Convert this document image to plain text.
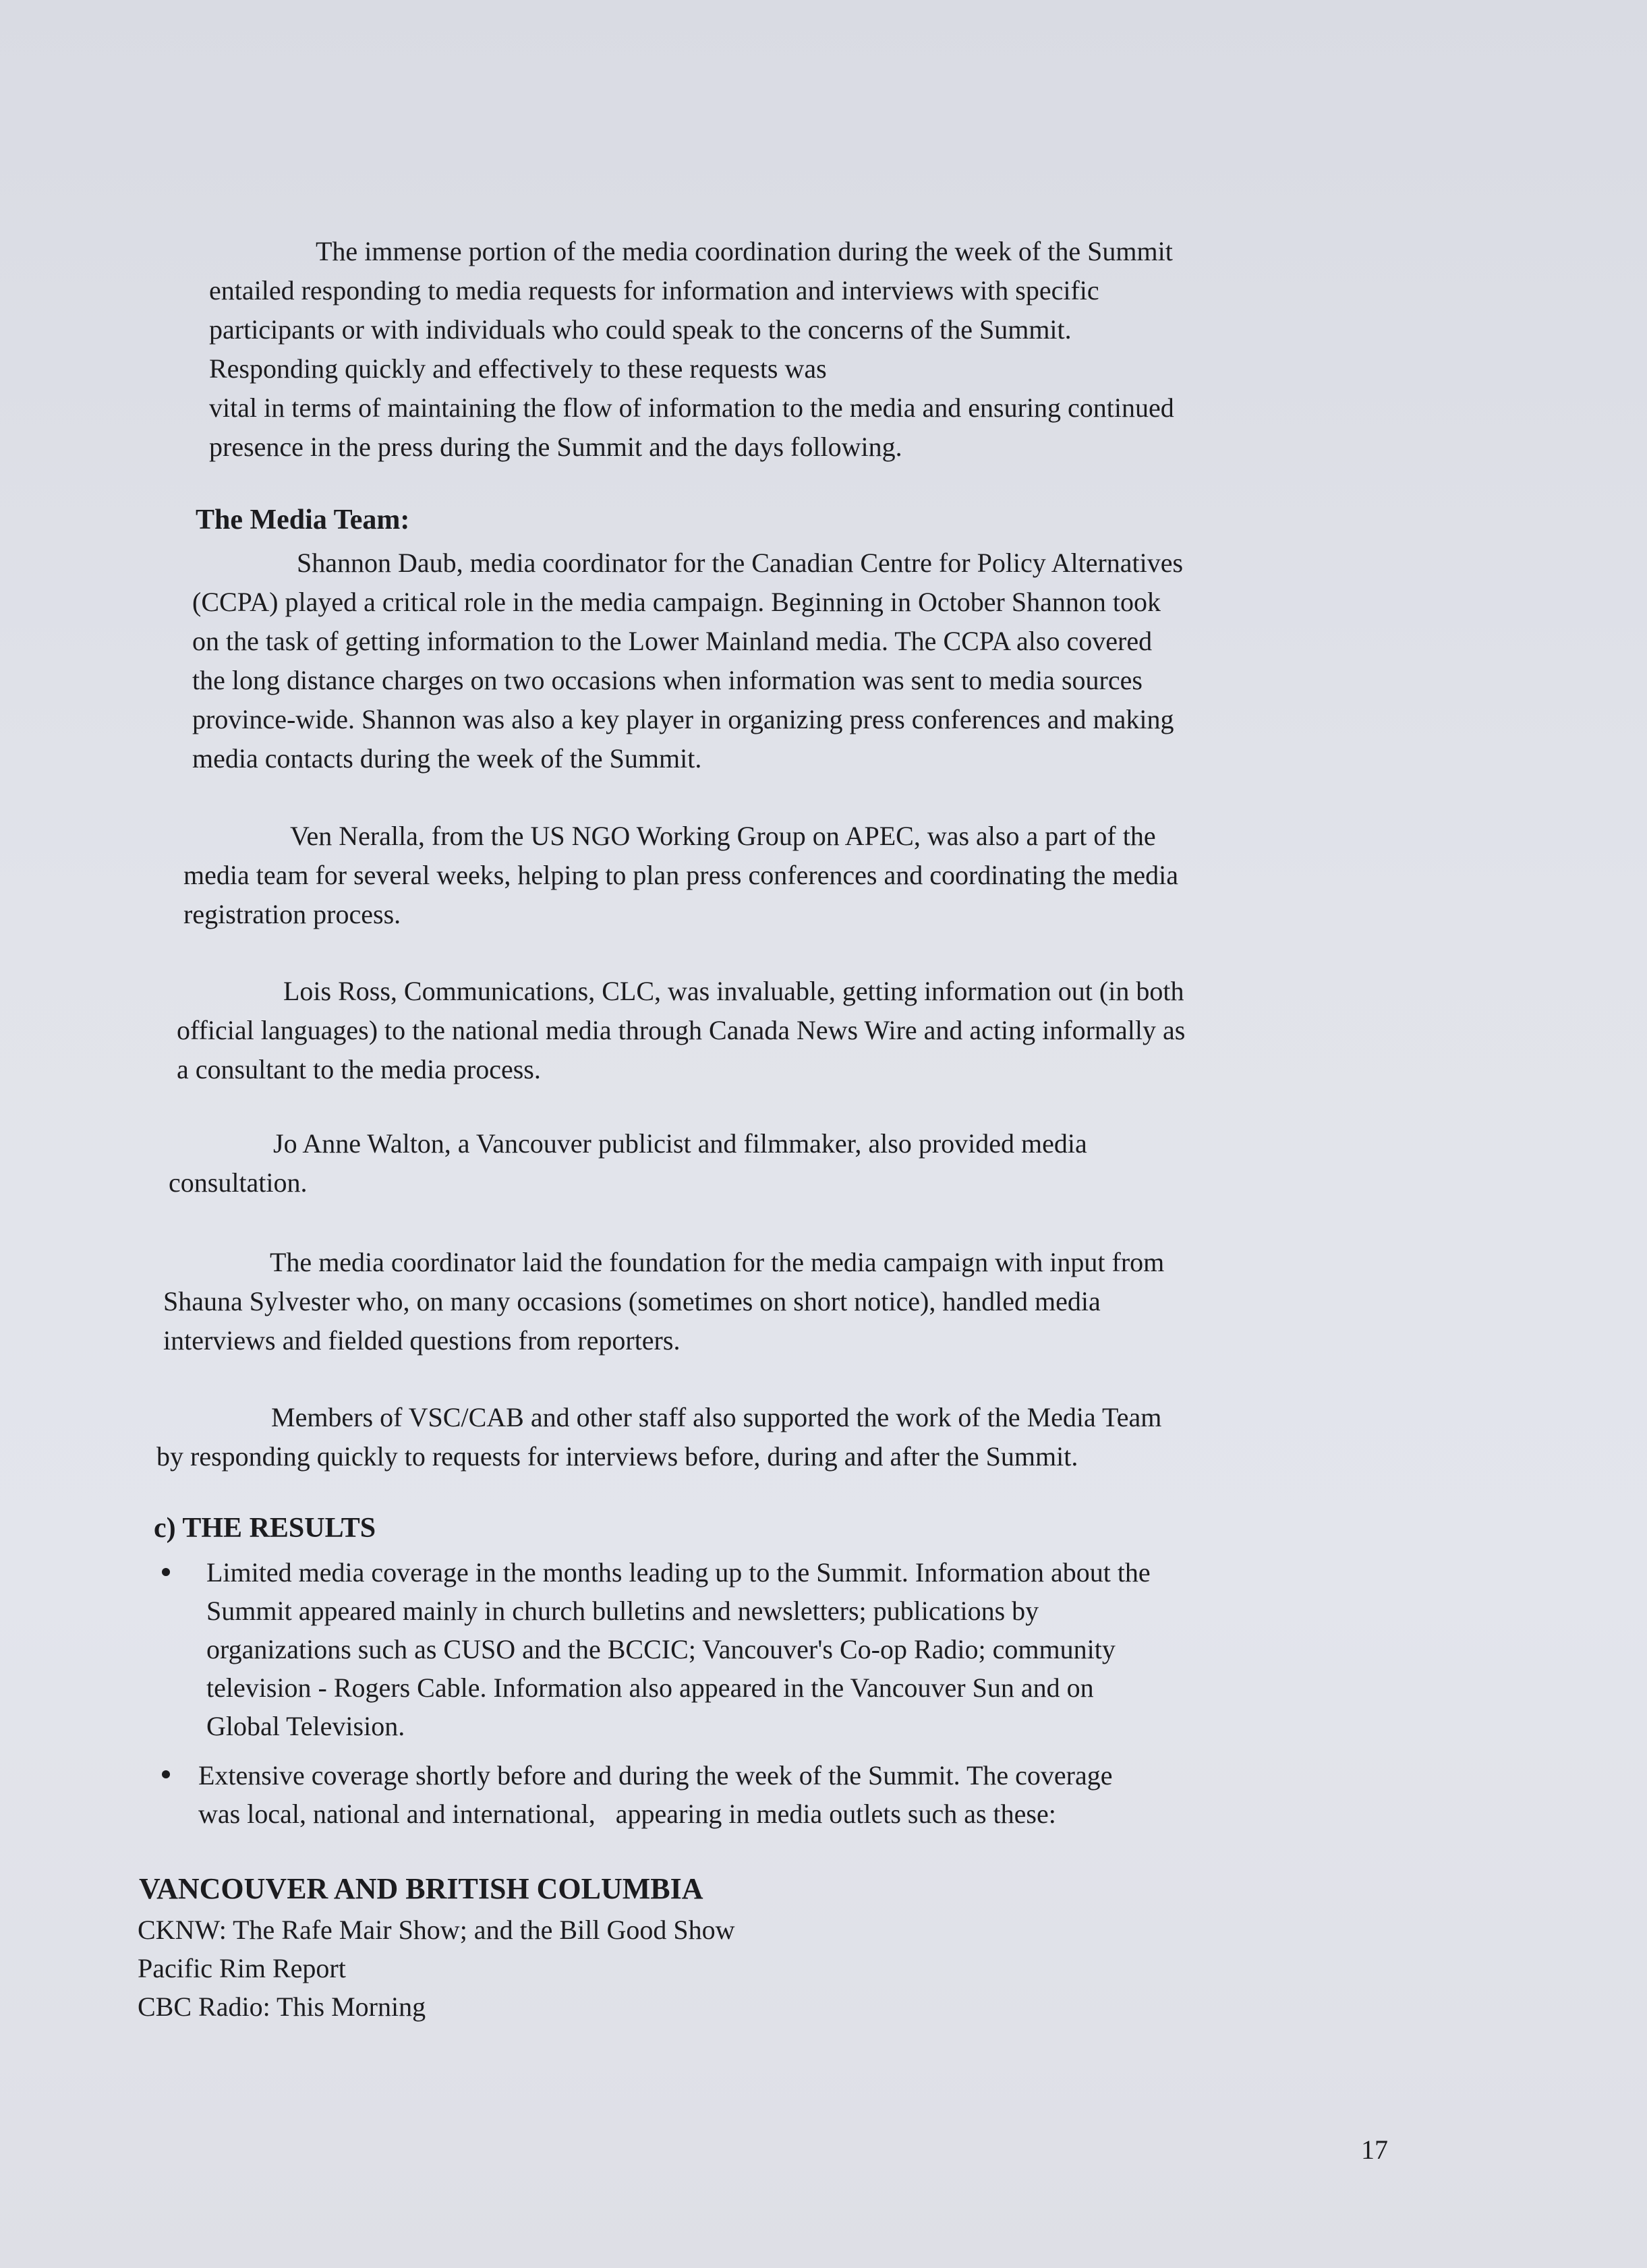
The immense portion of the media coordination during the week of the Summit
entailed responding to media requests for information and interviews with specific
participants or with individuals who could speak to the concerns of the Summit.
Responding quickly and effectively to these requests was
vital in terms of maintaining the flow of information to the media and ensuring continued
presence in the press during the Summit and the days following.
The Media Team:
Shannon Daub, media coordinator for the Canadian Centre for Policy Alternatives
(CCPA) played a critical role in the media campaign. Beginning in October Shannon took
on the task of getting information to the Lower Mainland media. The CCPA also covered
the long distance charges on two occasions when information was sent to media sources
province-wide. Shannon was also a key player in organizing press conferences and making
media contacts during the week of the Summit.
Ven Neralla, from the US NGO Working Group on APEC, was also a part of the
media team for several weeks, helping to plan press conferences and coordinating the media
registration process.
Lois Ross, Communications, CLC, was invaluable, getting information out (in both
official languages) to the national media through Canada News Wire and acting informally as
a consultant to the media process.
Jo Anne Walton, a Vancouver publicist and filmmaker, also provided media
consultation.
The media coordinator laid the foundation for the media campaign with input from
Shauna Sylvester who, on many occasions (sometimes on short notice), handled media
interviews and fielded questions from reporters.
Members of VSC/CAB and other staff also supported the work of the Media Team
by responding quickly to requests for interviews before, during and after the Summit.
c) THE RESULTS
Limited media coverage in the months leading up to the Summit. Information about the
Summit appeared mainly in church bulletins and newsletters; publications by
organizations such as CUSO and the BCCIC; Vancouver's Co-op Radio; community
television - Rogers Cable. Information also appeared in the Vancouver Sun and on
Global Television.
Extensive coverage shortly before and during the week of the Summit. The coverage
was local, national and international,   appearing in media outlets such as these:
VANCOUVER AND BRITISH COLUMBIA
CKNW: The Rafe Mair Show; and the Bill Good Show
Pacific Rim Report
CBC Radio: This Morning
17
